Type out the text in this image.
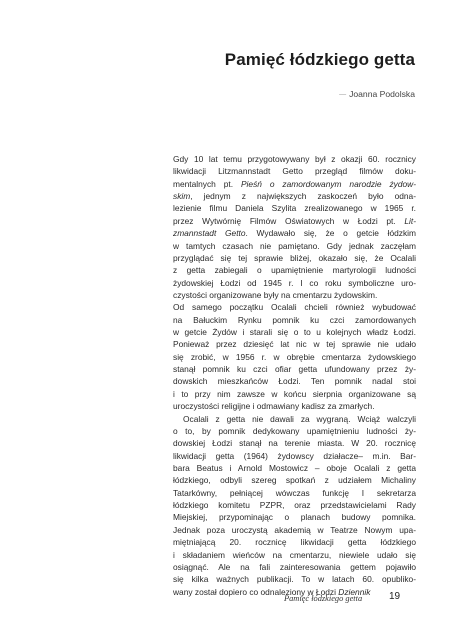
Pamięć łódzkiego getta
— Joanna Podolska
Gdy 10 lat temu przygotowywany był z okazji 60. rocznicy
likwidacji Litzmannstadt Getto przegląd filmów doku-
mentalnych pt. Pieśń o zamordowanym narodzie żydow-
skim, jednym z największych zaskoczeń było odna-
lezienie filmu Daniela Szylita zrealizowanego w 1965 r.
przez Wytwórnię Filmów Oświatowych w Łodzi pt. Lit-
zmannstadt Getto. Wydawało się, że o getcie łódzkim
w tamtych czasach nie pamiętano. Gdy jednak zaczęłam
przyglądać się tej sprawie bliżej, okazało się, że Ocalali
z getta zabiegali o upamiętnienie martyrologii ludności
żydowskiej Łodzi od 1945 r. I co roku symboliczne uro-
czystości organizowane były na cmentarzu żydowskim.
Od samego początku Ocalali chcieli również wybudować
na Bałuckim Rynku pomnik ku czci zamordowanych
w getcie Żydów i starali się o to u kolejnych władz Łodzi.
Ponieważ przez dziesięć lat nic w tej sprawie nie udało
się zrobić, w 1956 r. w obrębie cmentarza żydowskiego
stanął pomnik ku czci ofiar getta ufundowany przez ży-
dowskich mieszkańców Łodzi. Ten pomnik nadal stoi
i to przy nim zawsze w końcu sierpnia organizowane są
uroczystości religijne i odmawiany kadisz za zmarłych.
Ocalali z getta nie dawali za wygraną. Wciąż walczyli
o to, by pomnik dedykowany upamiętnieniu ludności ży-
dowskiej Łodzi stanął na terenie miasta. W 20. rocznicę
likwidacji getta (1964) żydowscy działacze– m.in. Bar-
bara Beatus i Arnold Mostowicz – oboje Ocalali z getta
łódzkiego, odbyli szereg spotkań z udziałem Michaliny
Tatarkówny, pełniącej wówczas funkcję I sekretarza
łódzkiego komitetu PZPR, oraz przedstawicielami Rady
Miejskiej, przypominając o planach budowy pomnika.
Jednak poza uroczystą akademią w Teatrze Nowym upa-
miętniającą 20. rocznicę likwidacji getta łódzkiego
i składaniem wieńców na cmentarzu, niewiele udało się
osiągnąć. Ale na fali zainteresowania gettem pojawiło
się kilka ważnych publikacji. To w latach 60. opubliko-
wany został dopiero co odnaleziony w Łodzi Dziennik
Pamięć łódzkiego getta	19
